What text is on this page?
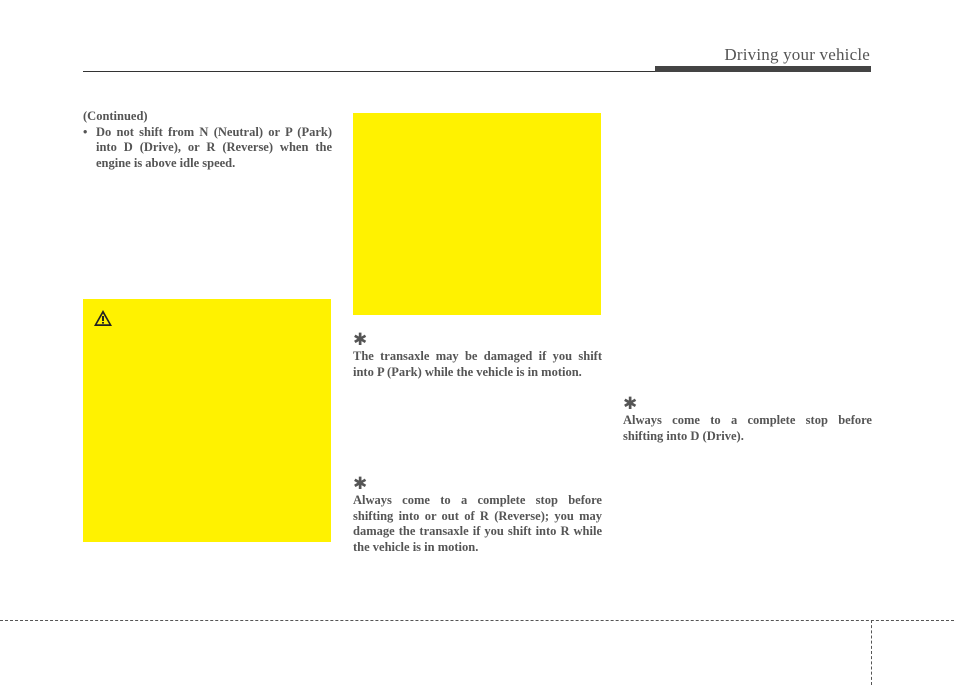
Driving your vehicle
(Continued)
• Do not shift from N (Neutral) or P (Park) into D (Drive), or R (Reverse) when the engine is above idle speed.
✱
The transaxle may be damaged if you shift into P (Park) while the vehicle is in motion.
✱
Always come to a complete stop before shifting into or out of R (Reverse); you may damage the transaxle if you shift into R while the vehicle is in motion.
✱
Always come to a complete stop before shifting into D (Drive).
